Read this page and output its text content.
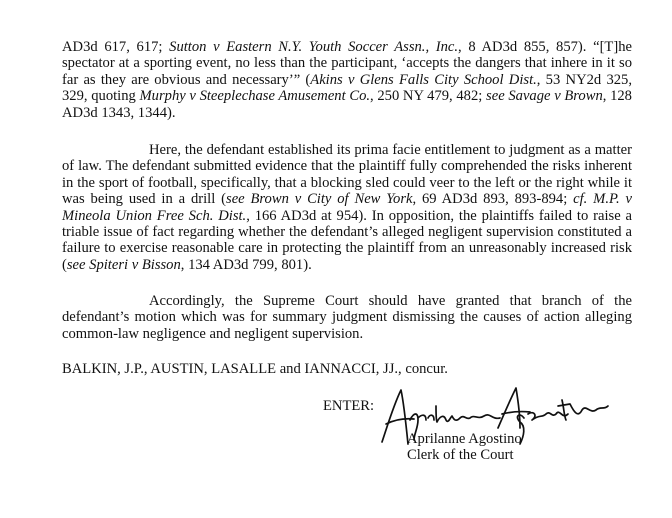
AD3d 617, 617; Sutton v Eastern N.Y. Youth Soccer Assn., Inc., 8 AD3d 855, 857). “[T]he spectator at a sporting event, no less than the participant, ‘accepts the dangers that inhere in it so far as they are obvious and necessary’” (Akins v Glens Falls City School Dist., 53 NY2d 325, 329, quoting Murphy v Steeplechase Amusement Co., 250 NY 479, 482; see Savage v Brown, 128 AD3d 1343, 1344).
Here, the defendant established its prima facie entitlement to judgment as a matter of law. The defendant submitted evidence that the plaintiff fully comprehended the risks inherent in the sport of football, specifically, that a blocking sled could veer to the left or the right while it was being used in a drill (see Brown v City of New York, 69 AD3d 893, 893-894; cf. M.P. v Mineola Union Free Sch. Dist., 166 AD3d at 954). In opposition, the plaintiffs failed to raise a triable issue of fact regarding whether the defendant’s alleged negligent supervision constituted a failure to exercise reasonable care in protecting the plaintiff from an unreasonably increased risk (see Spiteri v Bisson, 134 AD3d 799, 801).
Accordingly, the Supreme Court should have granted that branch of the defendant’s motion which was for summary judgment dismissing the causes of action alleging common-law negligence and negligent supervision.
BALKIN, J.P., AUSTIN, LASALLE and IANNACCI, JJ., concur.
ENTER:
Aprilanne Agostino
Aprilanne Agostino
Clerk of the Court
